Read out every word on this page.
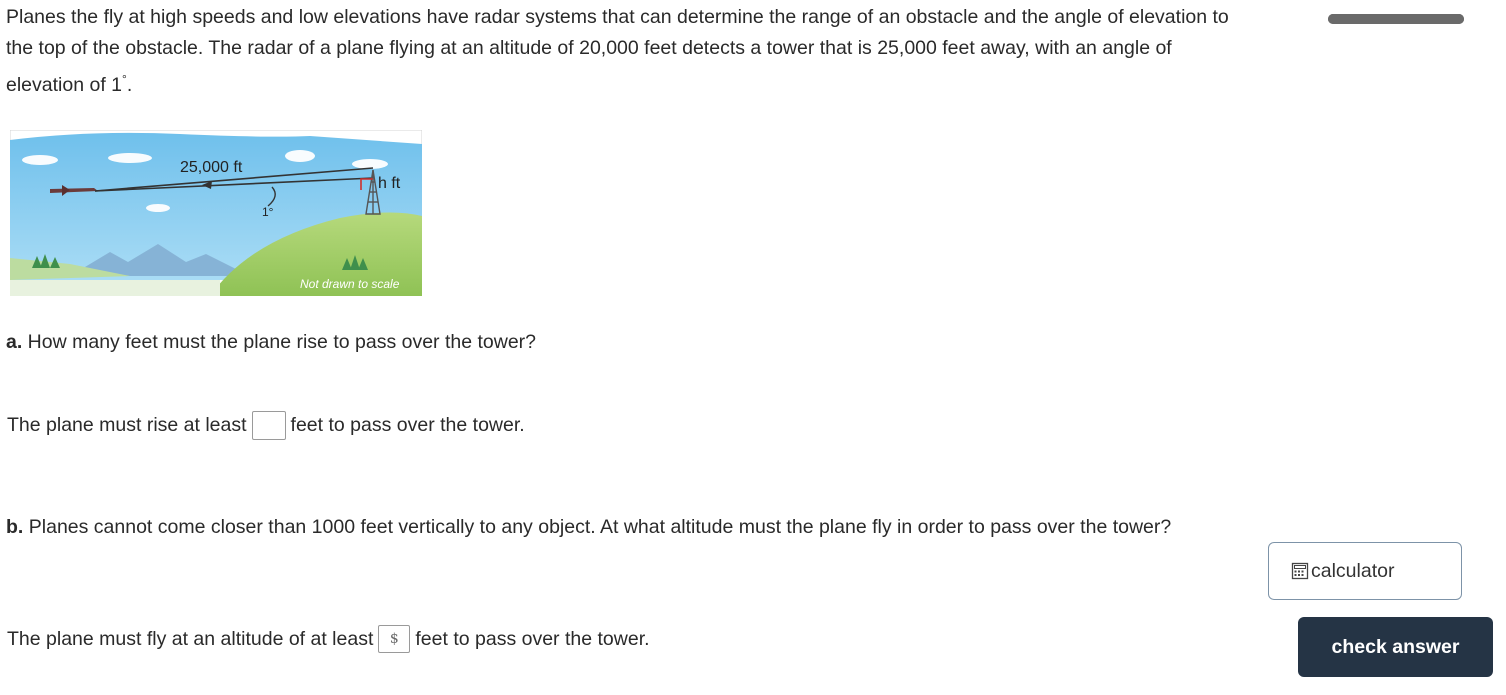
Planes the fly at high speeds and low elevations have radar systems that can determine the range of an obstacle and the angle of elevation to the top of the obstacle. The radar of a plane flying at an altitude of 20,000 feet detects a tower that is 25,000 feet away, with an angle of elevation of 1°.
25,000 ft
h ft
1°
Not drawn to scale
a. How many feet must the plane rise to pass over the tower?
The plane must rise at least feet to pass over the tower.
b. Planes cannot come closer than 1000 feet vertically to any object. At what altitude must the plane fly in order to pass over the tower?
The plane must fly at an altitude of at least	$ feet to pass over the tower.
calculator
check answer
